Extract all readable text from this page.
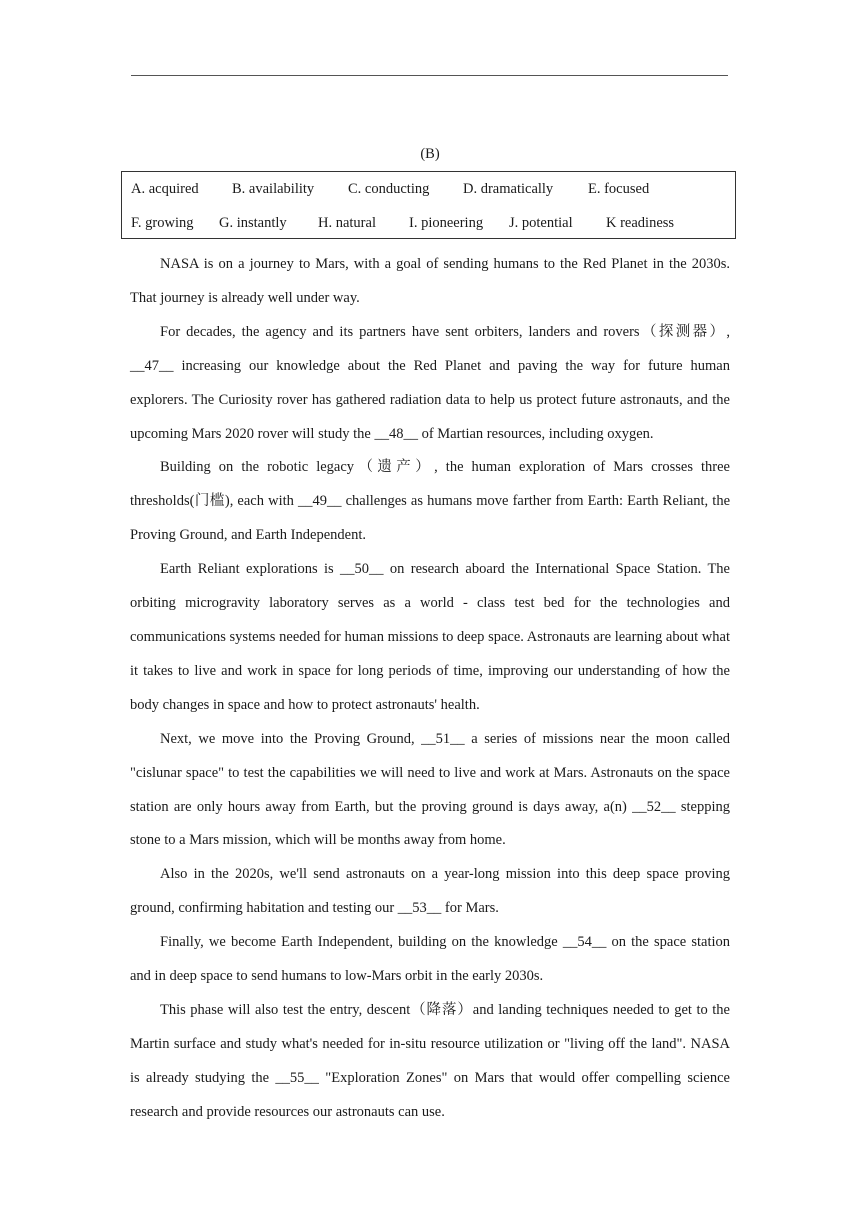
(B)
A. acquired B. availability C. conducting D. dramatically E. focused
F. growing G. instantly H. natural I. pioneering J. potential K readiness

NASA is on a journey to Mars, with a goal of sending humans to the Red Planet in the 2030s. That journey is already well under way.

For decades, the agency and its partners have sent orbiters, landers and rovers（探测器）, __47__ increasing our knowledge about the Red Planet and paving the way for future human explorers. The Curiosity rover has gathered radiation data to help us protect future astronauts, and the upcoming Mars 2020 rover will study the __48__ of Martian resources, including oxygen.

Building on the robotic legacy（遗产）, the human exploration of Mars crosses three thresholds(门槛), each with __49__ challenges as humans move farther from Earth: Earth Reliant, the Proving Ground, and Earth Independent.

Earth Reliant explorations is __50__ on research aboard the International Space Station. The orbiting microgravity laboratory serves as a world - class test bed for the technologies and communications systems needed for human missions to deep space. Astronauts are learning about what it takes to live and work in space for long periods of time, improving our understanding of how the body changes in space and how to protect astronauts' health.

Next, we move into the Proving Ground, __51__ a series of missions near the moon called "cislunar space" to test the capabilities we will need to live and work at Mars. Astronauts on the space station are only hours away from Earth, but the proving ground is days away, a(n) __52__ stepping stone to a Mars mission, which will be months away from home.

Also in the 2020s, we'll send astronauts on a year-long mission into this deep space proving ground, confirming habitation and testing our __53__ for Mars.

Finally, we become Earth Independent, building on the knowledge __54__ on the space station and in deep space to send humans to low-Mars orbit in the early 2030s.

This phase will also test the entry, descent（降落）and landing techniques needed to get to the Martin surface and study what's needed for in-situ resource utilization or "living off the land". NASA is already studying the __55__ "Exploration Zones" on Mars that would offer compelling science research and provide resources our astronauts can use.
